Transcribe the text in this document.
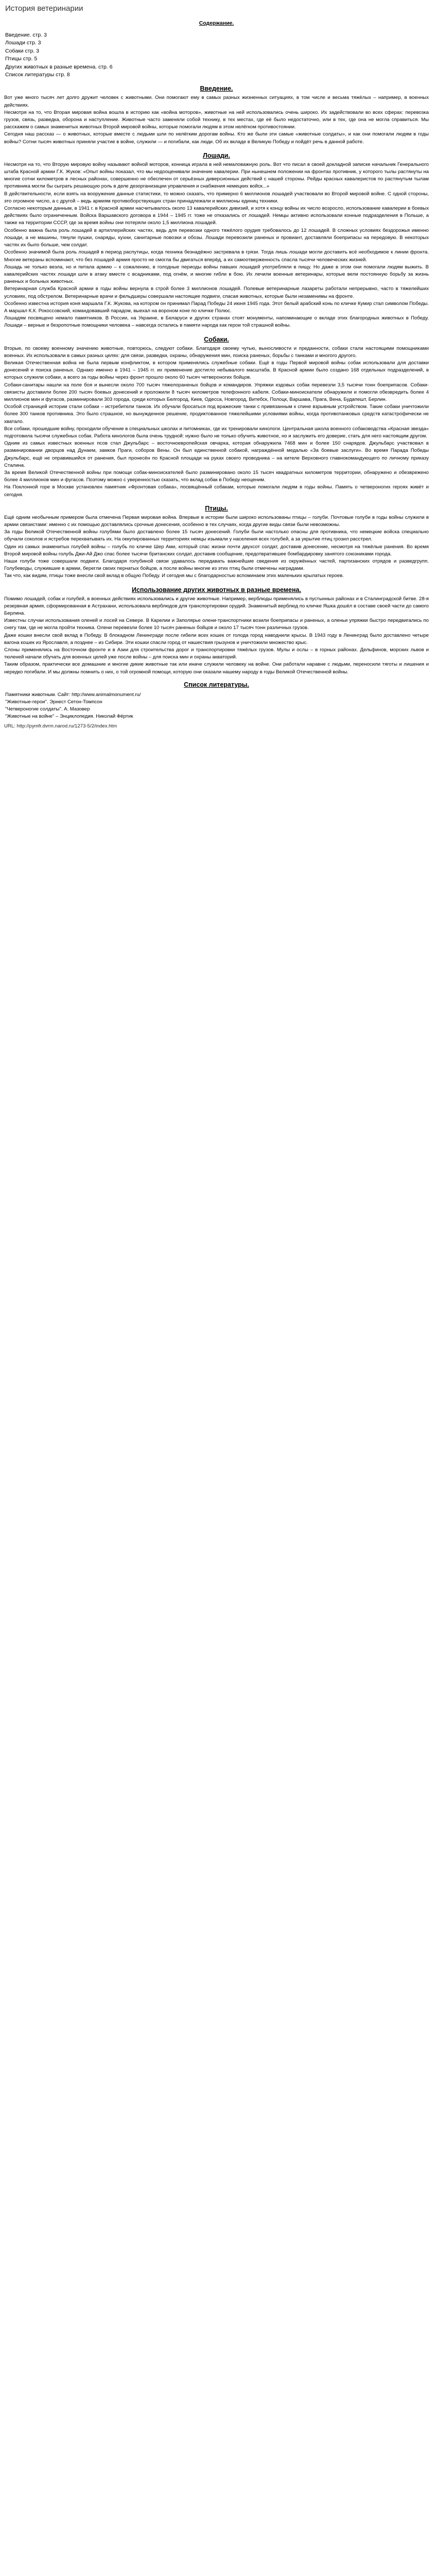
История ветеринарии
Содержание.
Введение. стр. 3
Лошади стр. 3
Собаки стр. 3
Птицы стр. 5
Других животных в разные времена. стр. 6
Список литературы стр. 8
Введение.

Вот уже много тысяч лет долго дружит человек с животными. Они помогают ему в самых разных жизненных ситуациях, в том числе и весьма тяжёлых – например, в военных действиях.

Несмотря на то, что Вторая мировая война вошла в историю как «война моторов», животные на ней использовались очень широко. Их задействовали во всех сферах: перевозка грузов, связь, разведка, оборона и наступление. Животные часто заменяли собой технику, в тех местах, где её было недостаточно, или в тех, где она не могла справиться. Мы расскажем о самых знаменитых животных Второй мировой войны, которые помогали людям в этом нелёгком противостоянии.

Сегодня наш рассказ — о животных, которые вместе с людьми шли по нелёгким дорогам войны. Кто же были эти самые «животные солдаты», и как они помогали людям в годы войны? Сотни тысяч животных приняли участие в войне, служили — и погибали, как люди. Об их вкладе в Великую Победу и пойдёт речь в данной работе.

Лошади.

Несмотря на то, что Вторую мировую войну называют войной моторов, конница играла в ней немаловажную роль. Вот что писал в своей докладной записке начальник Генерального штаба Красной армии Г.К. Жуков: «Опыт войны показал, что мы недооценивали значение кавалерии. При нынешнем положении на фронтах противник, у которого тылы растянуты на многие сотни километров в лесных районах, совершенно не обеспечен от серьёзных диверсионных действий с нашей стороны. Рейды красных кавалеристов по растянутым тылам противника могли бы сыграть решающую роль в деле дезорганизации управления и снабжения немецких войск...»

В действительности, если взять на вооружение данные статистики, то можно сказать, что примерно 6 миллионов лошадей участвовали во Второй мировой войне. С одной стороны, это огромное число, а с другой – ведь армиям противоборствующих стран принадлежали и миллионы единиц техники.

Согласно некоторым данным, в 1941 г. в Красной армии насчитывалось около 13 кавалерийских дивизий, и хотя к концу войны их число возросло, использование кавалерии в боевых действиях было ограниченным. Войска Варшавского договора в 1944 – 1945 гг. тоже не отказались от лошадей. Немцы активно использовали конные подразделения в Польше, а также на территории СССР, где за время войны они потеряли около 1,5 миллиона лошадей.

Особенно важна была роль лошадей в артиллерийских частях, ведь для перевозки одного тяжёлого орудия требовалось до 12 лошадей. В сложных условиях бездорожья именно лошади, а не машины, тянули пушки, снаряды, кухни, санитарные повозки и обозы. Лошади перевозили раненых и провиант, доставляли боеприпасы на передовую. В некоторых частях их было больше, чем солдат.

Особенно значимой была роль лошадей в период распутицы, когда техника безнадёжно застревала в грязи. Тогда лишь лошади могли доставить всё необходимое к линии фронта. Многие ветераны вспоминают, что без лошадей армия просто не смогла бы двигаться вперёд, а их самоотверженность спасла тысячи человеческих жизней.

Лошадь не только везла, но и питала армию – к сожалению, в голодные периоды войны павших лошадей употребляли в пищу. Но даже в этом они помогали людям выжить. В кавалерийских частях лошади шли в атаку вместе с всадниками, под огнём, и многие гибли в бою. Их лечили военные ветеринары, которые вели постоянную борьбу за жизнь раненых и больных животных.

Ветеринарная служба Красной армии в годы войны вернула в строй более 3 миллионов лошадей. Полевые ветеринарные лазареты работали непрерывно, часто в тяжелейших условиях, под обстрелом. Ветеринарные врачи и фельдшеры совершали настоящие подвиги, спасая животных, которые были незаменимы на фронте.

Особенно известна история коня маршала Г.К. Жукова, на котором он принимал Парад Победы 24 июня 1945 года. Этот белый арабский конь по кличке Кумир стал символом Победы. А маршал К.К. Рокоссовский, командовавший парадом, выехал на вороном коне по кличке Полюс.

Лошадям посвящено немало памятников. В России, на Украине, в Беларуси и других странах стоят монументы, напоминающие о вкладе этих благородных животных в Победу. Лошади – верные и безропотные помощники человека – навсегда остались в памяти народа как герои той страшной войны.

Собаки.

Вторые, по своему военному значению животные, повторюсь, следуют собаки. Благодаря своему чутью, выносливости и преданности, собаки стали настоящими помощниками военных. Их использовали в самых разных целях: для связи, разведки, охраны, обнаружения мин, поиска раненых, борьбы с танками и многого другого.

Великая Отечественная война не была первым конфликтом, в котором применялись служебные собаки. Ещё в годы Первой мировой войны собак использовали для доставки донесений и поиска раненых. Однако именно в 1941 – 1945 гг. их применение достигло небывалого масштаба. В Красной армии было создано 168 отдельных подразделений, в которых служили собаки, а всего за годы войны через фронт прошло около 60 тысяч четвероногих бойцов.

Собаки-санитары нашли на поле боя и вынесли около 700 тысяч тяжелораненых бойцов и командиров. Упряжки ездовых собак перевезли 3,5 тысячи тонн боеприпасов. Собаки-связисты доставили более 200 тысяч боевых донесений и проложили 8 тысяч километров телефонного кабеля. Собаки-миноискатели обнаружили и помогли обезвредить более 4 миллионов мин и фугасов, разминировали 303 города, среди которых Белгород, Киев, Одесса, Новгород, Витебск, Полоцк, Варшава, Прага, Вена, Будапешт, Берлин.

Особой страницей истории стали собаки – истребители танков. Их обучали бросаться под вражеские танки с привязанным к спине взрывным устройством. Такие собаки уничтожили более 300 танков противника. Это было страшное, но вынужденное решение, продиктованное тяжелейшими условиями войны, когда противотанковых средств катастрофически не хватало.

Все собаки, прошедшие войну, проходили обучение в специальных школах и питомниках, где их тренировали кинологи. Центральная школа военного собаководства «Красная звезда» подготовила тысячи служебных собак. Работа кинологов была очень трудной: нужно было не только обучить животное, но и заслужить его доверие, стать для него настоящим другом.

Одним из самых известных военных псов стал Джульбарс – восточноевропейская овчарка, которая обнаружила 7468 мин и более 150 снарядов. Джульбарс участвовал в разминировании дворцов над Дунаем, замков Праги, соборов Вены. Он был единственной собакой, награждённой медалью «За боевые заслуги». Во время Парада Победы Джульбарс, ещё не оправившийся от ранения, был пронесён по Красной площади на руках своего проводника – на кителе Верховного главнокомандующего по личному приказу Сталина.

За время Великой Отечественной войны при помощи собак-миноискателей было разминировано около 15 тысяч квадратных километров территории, обнаружено и обезврежено более 4 миллионов мин и фугасов. Поэтому можно с уверенностью сказать, что вклад собак в Победу неоценим.

На Поклонной горе в Москве установлен памятник «Фронтовая собака», посвящённый собакам, которые помогали людям в годы войны. Память о четвероногих героях живёт и сегодня.

Птицы.

Ещё одним необычным примером была отмечена Первая мировая война. Впервые в истории были широко использованы птицы – голуби. Почтовые голуби в годы войны служили в армии связистами: именно с их помощью доставлялись срочные донесения, особенно в тех случаях, когда другие виды связи были невозможны.

За годы Великой Отечественной войны голубями было доставлено более 15 тысяч донесений. Голуби были настолько опасны для противника, что немецкие войска специально обучали соколов и ястребов перехватывать их. На оккупированных территориях немцы изымали у населения всех голубей, а за укрытие птиц грозил расстрел.

Один из самых знаменитых голубей войны – голубь по кличке Шер Ами, который спас жизни почти двухсот солдат, доставив донесение, несмотря на тяжёлые ранения. Во время Второй мировой войны голубь Джи-Ай Джо спас более тысячи британских солдат, доставив сообщение, предотвратившее бомбардировку занятого союзниками города.

Наши голуби тоже совершали подвиги. Благодаря голубиной связи удавалось передавать важнейшие сведения из окружённых частей, партизанских отрядов и разведгрупп. Голубеводы, служившие в армии, берегли своих пернатых бойцов, а после войны многие из этих птиц были отмечены наградами.

Так что, как видим, птицы тоже внесли свой вклад в общую Победу. И сегодня мы с благодарностью вспоминаем этих маленьких крылатых героев.

Использование других животных в разные времена.

Помимо лошадей, собак и голубей, в военных действиях использовались и другие животные. Например, верблюды применялись в пустынных районах и в Сталинградской битве. 28-я резервная армия, сформированная в Астрахани, использовала верблюдов для транспортировки орудий. Знаменитый верблюд по кличке Яшка дошёл в составе своей части до самого Берлина.

Известны случаи использования оленей и лосей на Севере. В Карелии и Заполярье олени-транспортники возили боеприпасы и раненых, а оленьи упряжки быстро передвигались по снегу там, где не могла пройти техника. Олени перевезли более 10 тысяч раненых бойцов и около 17 тысяч тонн различных грузов.

Даже кошки внесли свой вклад в Победу. В блокадном Ленинграде после гибели всех кошек от голода город наводнили крысы. В 1943 году в Ленинград было доставлено четыре вагона кошек из Ярославля, а позднее – из Сибири. Эти кошки спасли город от нашествия грызунов и уничтожили множество крыс.

Слоны применялись на Восточном фронте и в Азии для строительства дорог и транспортировки тяжёлых грузов. Мулы и ослы – в горных районах. Дельфинов, морских львов и тюленей начали обучать для военных целей уже после войны – для поиска мин и охраны акваторий.

Таким образом, практически все домашние и многие дикие животные так или иначе служили человеку на войне. Они работали наравне с людьми, переносили тяготы и лишения и нередко погибали. И мы должны помнить о них, о той огромной помощи, которую они оказали нашему народу в годы Великой Отечественной войны.

Список литературы.
Памятники животным. Сайт: http://www.animalmonument.ru/
"Животные-герои". Эрнест Сетон-Томпсон
"Четвероногие солдаты". А. Мазовер
"Животные на войне" – Энциклопедия. Николай Фёртик
URL: http://pymfr.dvrm.narod.ru/1273-5/2/index.htm
